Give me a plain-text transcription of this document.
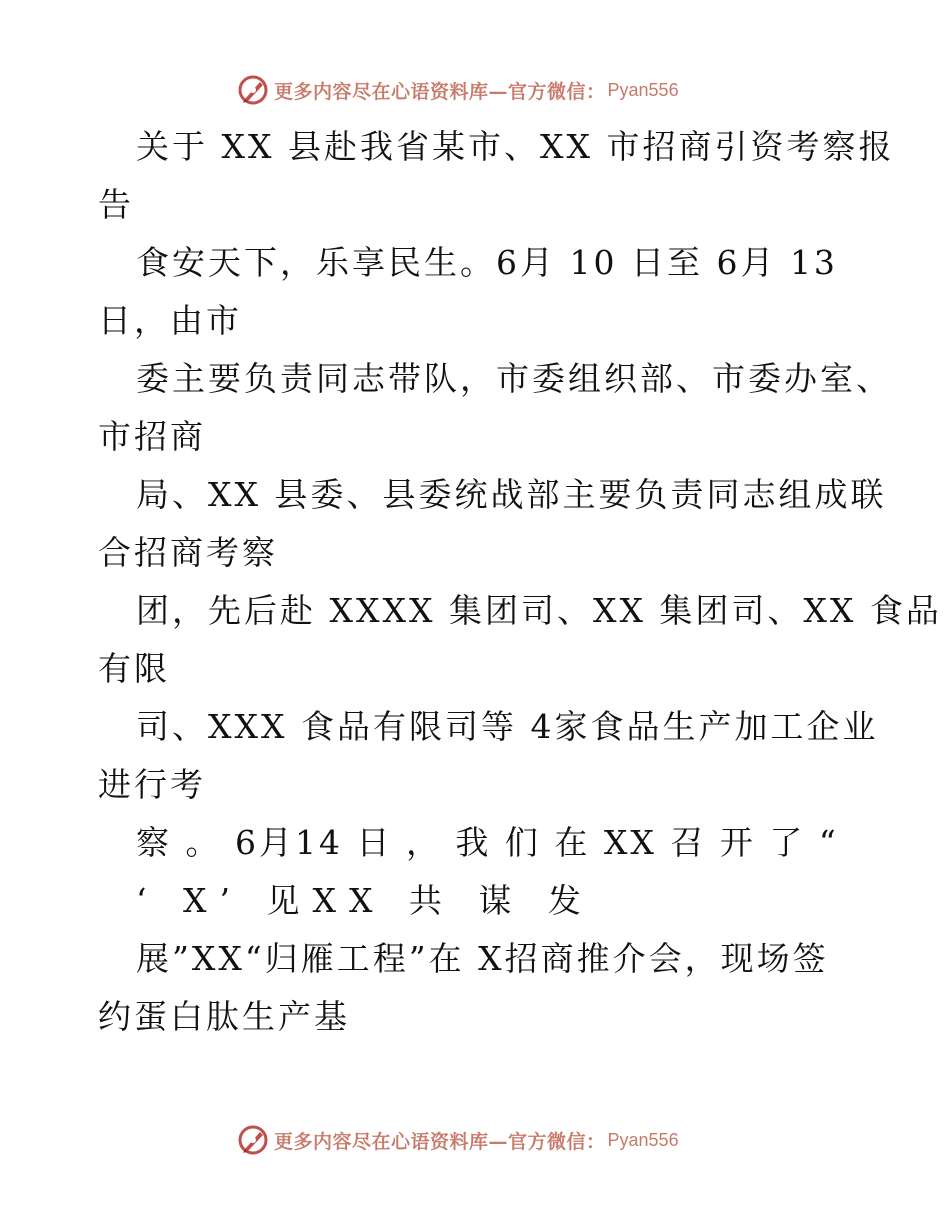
更多内容尽在心语资料库—官方微信： Pyan556
关于 XX 县赴我省某市、XX 市招商引资考察报
告
食安天下，乐享民生。6月 10 日至 6月 13
日，由市
委主要负责同志带队，市委组织部、市委办室、
市招商
局、XX 县委、县委统战部主要负责同志组成联
合招商考察
团，先后赴 XXXX 集团司、XX 集团司、XX 食品
有限
司、XXX 食品有限司等 4家食品生产加工企业
进行考
察 。 6月14 日 ， 我 们 在 XX 召 开 了 “
‘ X’ 见XX 共 谋 发
展”XX“归雁工程”在 X招商推介会，现场签
约蛋白肽生产基
更多内容尽在心语资料库—官方微信： Pyan556
